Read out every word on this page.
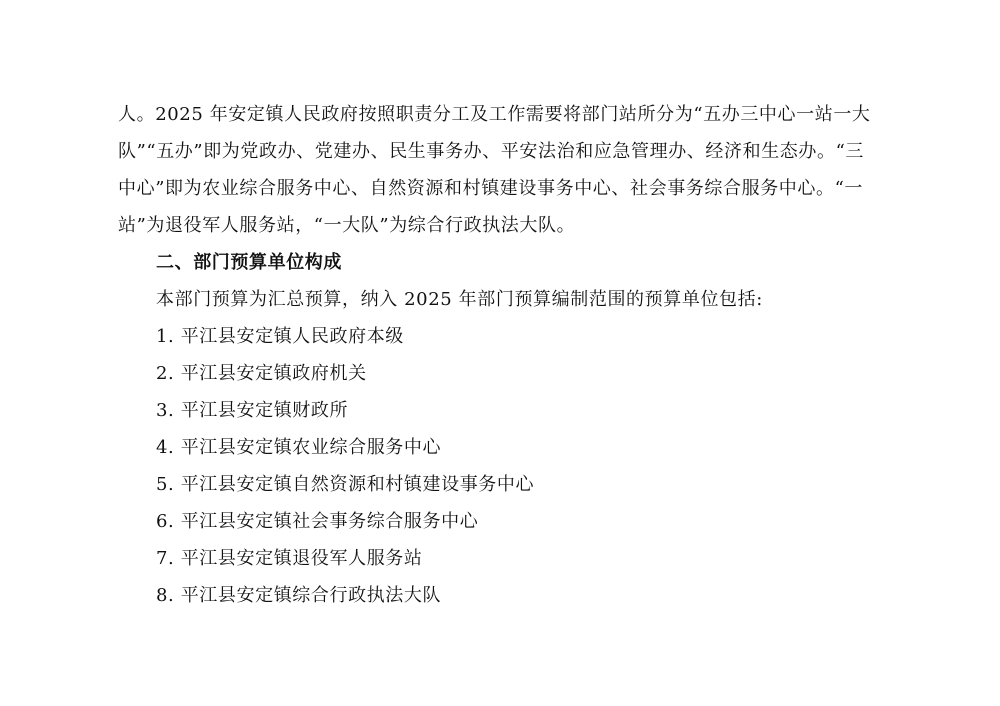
人。2025 年安定镇人民政府按照职责分工及工作需要将部门站所分为“五办三中心一站一大
队”“五办”即为党政办、党建办、民生事务办、平安法治和应急管理办、经济和生态办。“三
中心”即为农业综合服务中心、自然资源和村镇建设事务中心、社会事务综合服务中心。“一
站”为退役军人服务站，“一大队”为综合行政执法大队。

二、部门预算单位构成

本部门预算为汇总预算，纳入 2025 年部门预算编制范围的预算单位包括:

1. 平江县安定镇人民政府本级
2. 平江县安定镇政府机关
3. 平江县安定镇财政所
4. 平江县安定镇农业综合服务中心
5. 平江县安定镇自然资源和村镇建设事务中心
6. 平江县安定镇社会事务综合服务中心
7. 平江县安定镇退役军人服务站
8. 平江县安定镇综合行政执法大队
